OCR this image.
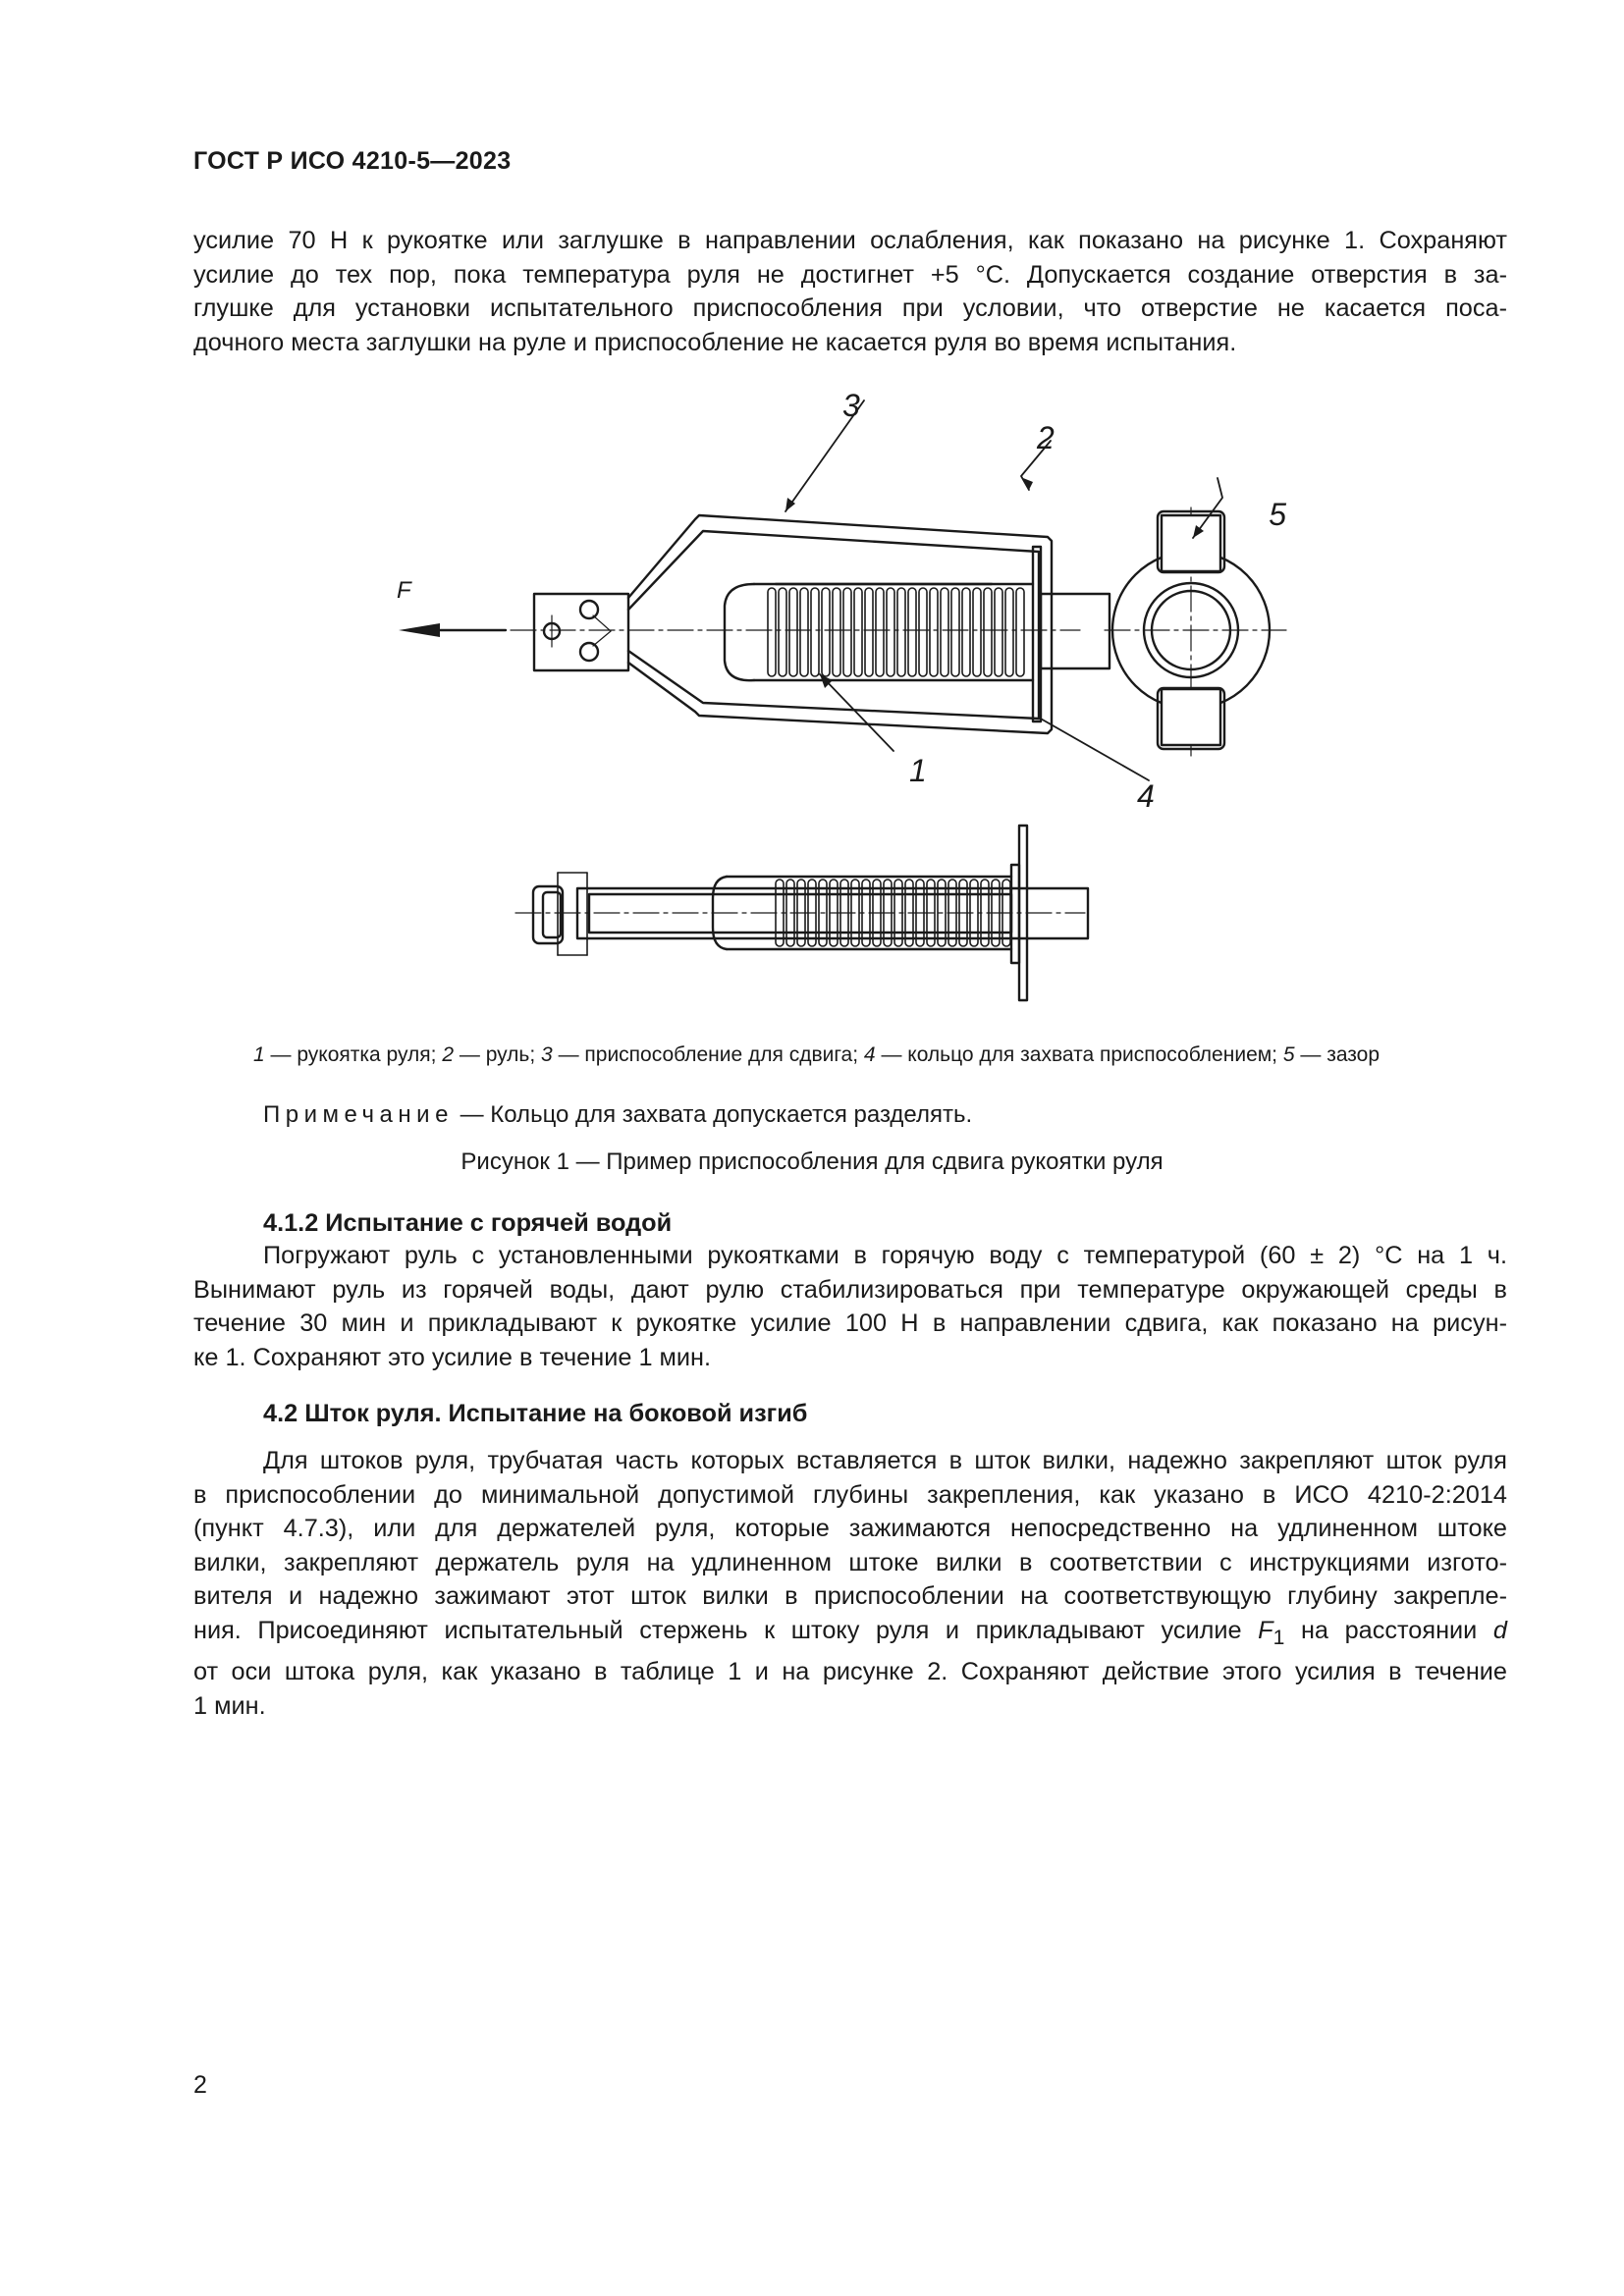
ГОСТ Р ИСО 4210-5—2023
усилие 70 Н к рукоятке или заглушке в направлении ослабления, как показано на рисунке 1. Сохраняют
усилие до тех пор, пока температура руля не достигнет +5 °С. Допускается создание отверстия в за-
глушке для установки испытательного приспособления при условии, что отверстие не касается поса-
дочного места заглушки на руле и приспособление не касается руля во время испытания.
3
2
5
1
4
F
1 — рукоятка руля; 2 — руль; 3 — приспособление для сдвига; 4 — кольцо для захвата приспособлением; 5 — зазор
Примечание — Кольцо для захвата допускается разделять.
Рисунок 1 — Пример приспособления для сдвига рукоятки руля
4.1.2 Испытание с горячей водой
Погружают руль с установленными рукоятками в горячую воду с температурой (60 ± 2) °С на 1 ч.
Вынимают руль из горячей воды, дают рулю стабилизироваться при температуре окружающей среды в
течение 30 мин и прикладывают к рукоятке усилие 100 Н в направлении сдвига, как показано на рисун-
ке 1. Сохраняют это усилие в течение 1 мин.
4.2 Шток руля. Испытание на боковой изгиб
Для штоков руля, трубчатая часть которых вставляется в шток вилки, надежно закрепляют шток руля
в приспособлении до минимальной допустимой глубины закрепления, как указано в ИСО 4210-2:2014
(пункт 4.7.3), или для держателей руля, которые зажимаются непосредственно на удлиненном штоке
вилки, закрепляют держатель руля на удлиненном штоке вилки в соответствии с инструкциями изгото-
вителя и надежно зажимают этот шток вилки в приспособлении на соответствующую глубину закрепле-
ния. Присоединяют испытательный стержень к штоку руля и прикладывают усилие $F_1$ на расстоянии d
от оси штока руля, как указано в таблице 1 и на рисунке 2. Сохраняют действие этого усилия в течение
1 мин.
2
